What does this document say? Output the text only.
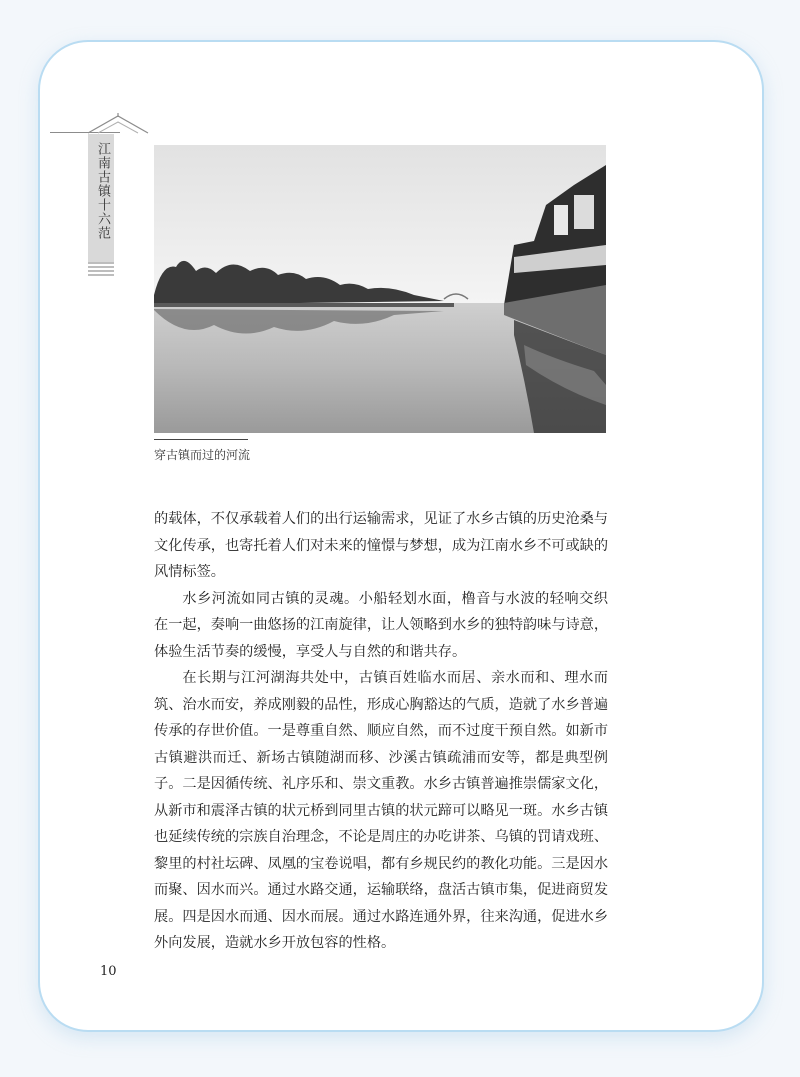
江南古镇十六范
穿古镇而过的河流

的载体，不仅承载着人们的出行运输需求，见证了水乡古镇的历史沧桑与文化传承，也寄托着人们对未来的憧憬与梦想，成为江南水乡不可或缺的风情标签。

水乡河流如同古镇的灵魂。小船轻划水面，橹音与水波的轻响交织在一起，奏响一曲悠扬的江南旋律，让人领略到水乡的独特韵味与诗意，体验生活节奏的缓慢，享受人与自然的和谐共存。

在长期与江河湖海共处中，古镇百姓临水而居、亲水而和、理水而筑、治水而安，养成刚毅的品性，形成心胸豁达的气质，造就了水乡普遍传承的存世价值。一是尊重自然、顺应自然，而不过度干预自然。如新市古镇避洪而迁、新场古镇随湖而移、沙溪古镇疏浦而安等，都是典型例子。二是因循传统、礼序乐和、崇文重教。水乡古镇普遍推崇儒家文化，从新市和震泽古镇的状元桥到同里古镇的状元蹄可以略见一斑。水乡古镇也延续传统的宗族自治理念，不论是周庄的办吃讲茶、乌镇的罚请戏班、黎里的村社坛碑、凤凰的宝卷说唱，都有乡规民约的教化功能。三是因水而聚、因水而兴。通过水路交通，运输联络，盘活古镇市集，促进商贸发展。四是因水而通、因水而展。通过水路连通外界，往来沟通，促进水乡外向发展，造就水乡开放包容的性格。

10
